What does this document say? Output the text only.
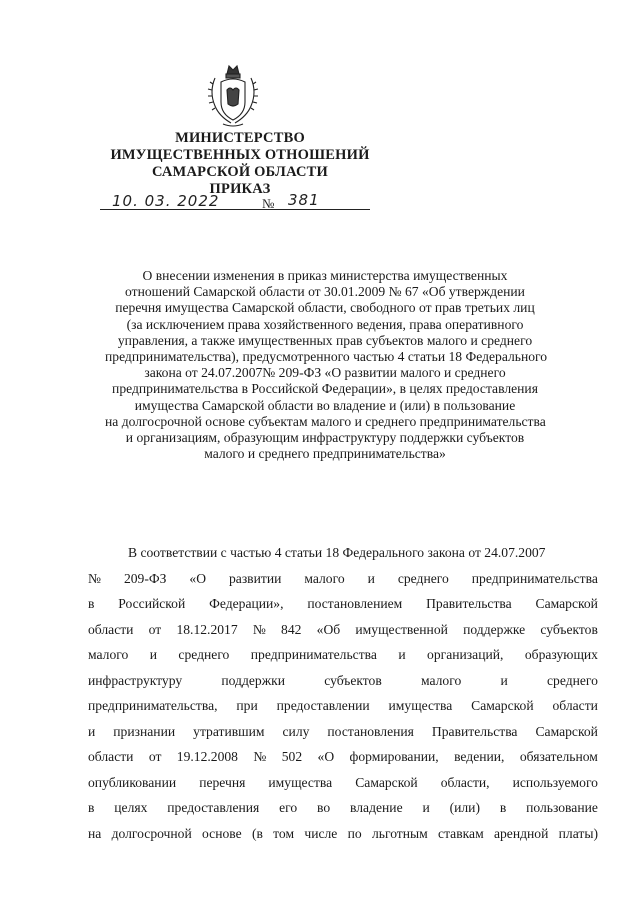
МИНИСТЕРСТВО
ИМУЩЕСТВЕННЫХ ОТНОШЕНИЙ
САМАРСКОЙ ОБЛАСТИ
ПРИКАЗ
10. 03. 2022	№ 381
О внесении изменения в приказ министерства имущественных
отношений Самарской области от 30.01.2009 № 67 «Об утверждении
перечня имущества Самарской области, свободного от прав третьих лиц
(за исключением права хозяйственного ведения, права оперативного
управления, а также имущественных прав субъектов малого и среднего
предпринимательства), предусмотренного частью 4 статьи 18 Федерального
закона от 24.07.2007№ 209-ФЗ «О развитии малого и среднего
предпринимательства в Российской Федерации», в целях предоставления
имущества Самарской области во владение и (или) в пользование
на долгосрочной основе субъектам малого и среднего предпринимательства
и организациям, образующим инфраструктуру поддержки субъектов
малого и среднего предпринимательства»
В соответствии с частью 4 статьи 18 Федерального закона от 24.07.2007
№ 209-ФЗ «О развитии малого и среднего предпринимательства
в Российской Федерации», постановлением Правительства Самарской
области от 18.12.2017 № 842 «Об имущественной поддержке субъектов
малого и среднего предпринимательства и организаций, образующих
инфраструктуру	поддержки	субъектов	малого	и	среднего
предпринимательства, при предоставлении имущества Самарской области
и признании утратившим силу постановления Правительства Самарской
области от 19.12.2008 № 502 «О формировании, ведении, обязательном
опубликовании перечня имущества Самарской области, используемого
в целях предоставления его во владение и (или) в пользование
на долгосрочной основе (в том числе по льготным ставкам арендной платы)
